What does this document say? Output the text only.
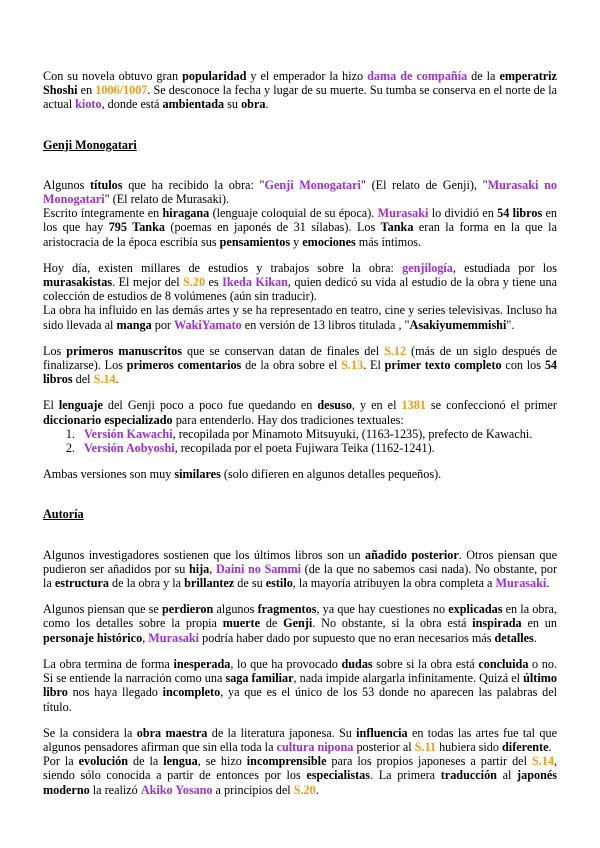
Con su novela obtuvo gran popularidad y el emperador la hizo dama de compañía de la emperatriz Shoshi en 1006/1007. Se desconoce la fecha y lugar de su muerte. Su tumba se conserva en el norte de la actual kioto, donde está ambientada su obra.

Genji Monogatari

Algunos títulos que ha recibido la obra: "Genji Monogatari" (El relato de Genji), "Murasaki no Monogatari" (El relato de Murasaki).

Escrito íntegramente en hiragana (lenguaje coloquial de su época). Murasaki lo dividió en 54 libros en los que hay 795 Tanka (poemas en japonés de 31 sílabas). Los Tanka eran la forma en la que la aristocracia de la época escribía sus pensamientos y emociones más íntimos.

Hoy día, existen millares de estudios y trabajos sobre la obra: genjilogía, estudiada por los murasakistas. El mejor del S.20 es Ikeda Kikan, quien dedicó su vida al estudio de la obra y tiene una colección de estudios de 8 volúmenes (aún sin traducir).

La obra ha influido en las demás artes y se ha representado en teatro, cine y series televisivas. Incluso ha sido llevada al manga por WakiYamato en versión de 13 libros titulada , "Asakiyumemmishi".

Los primeros manuscritos que se conservan datan de finales del S.12 (más de un siglo después de finalizarse). Los primeros comentarios de la obra sobre el S.13. El primer texto completo con los 54 libros del S.14.

El lenguaje del Genji poco a poco fue quedando en desuso, y en el 1381 se confeccionó el primer diccionario especializado para entenderlo. Hay dos tradiciones textuales:

1. Versión Kawachi, recopilada por Minamoto Mitsuyuki, (1163-1235), prefecto de Kawachi.
2. Versión Aobyoshi, recopilada por el poeta Fujiwara Teika (1162-1241).

Ambas versiones son muy similares (solo difieren en algunos detalles pequeños).

Autoría

Algunos investigadores sostienen que los últimos libros son un añadido posterior. Otros piensan que pudieron ser añadidos por su hija, Daini no Sammi (de la que no sabemos casi nada). No obstante, por la estructura de la obra y la brillantez de su estilo, la mayoría atribuyen la obra completa a Murasaki.

Algunos piensan que se perdieron algunos fragmentos, ya que hay cuestiones no explicadas en la obra, como los detalles sobre la propia muerte de Genji. No obstante, si la obra está inspirada en un personaje histórico, Murasaki podría haber dado por supuesto que no eran necesarios más detalles.

La obra termina de forma inesperada, lo que ha provocado dudas sobre si la obra está concluida o no. Si se entiende la narración como una saga familiar, nada impide alargarla infinitamente. Quizá el último libro nos haya llegado incompleto, ya que es el único de los 53 donde no aparecen las palabras del título.

Se la considera la obra maestra de la literatura japonesa. Su influencia en todas las artes fue tal que algunos pensadores afirman que sin ella toda la cultura nipona posterior al S.11 hubiera sido diferente.

Por la evolución de la lengua, se hizo incomprensible para los propios japoneses a partir del S.14, siendo sólo conocida a partir de entonces por los especialistas. La primera traducción al japonés moderno la realizó Akiko Yosano a principios del S.20.
